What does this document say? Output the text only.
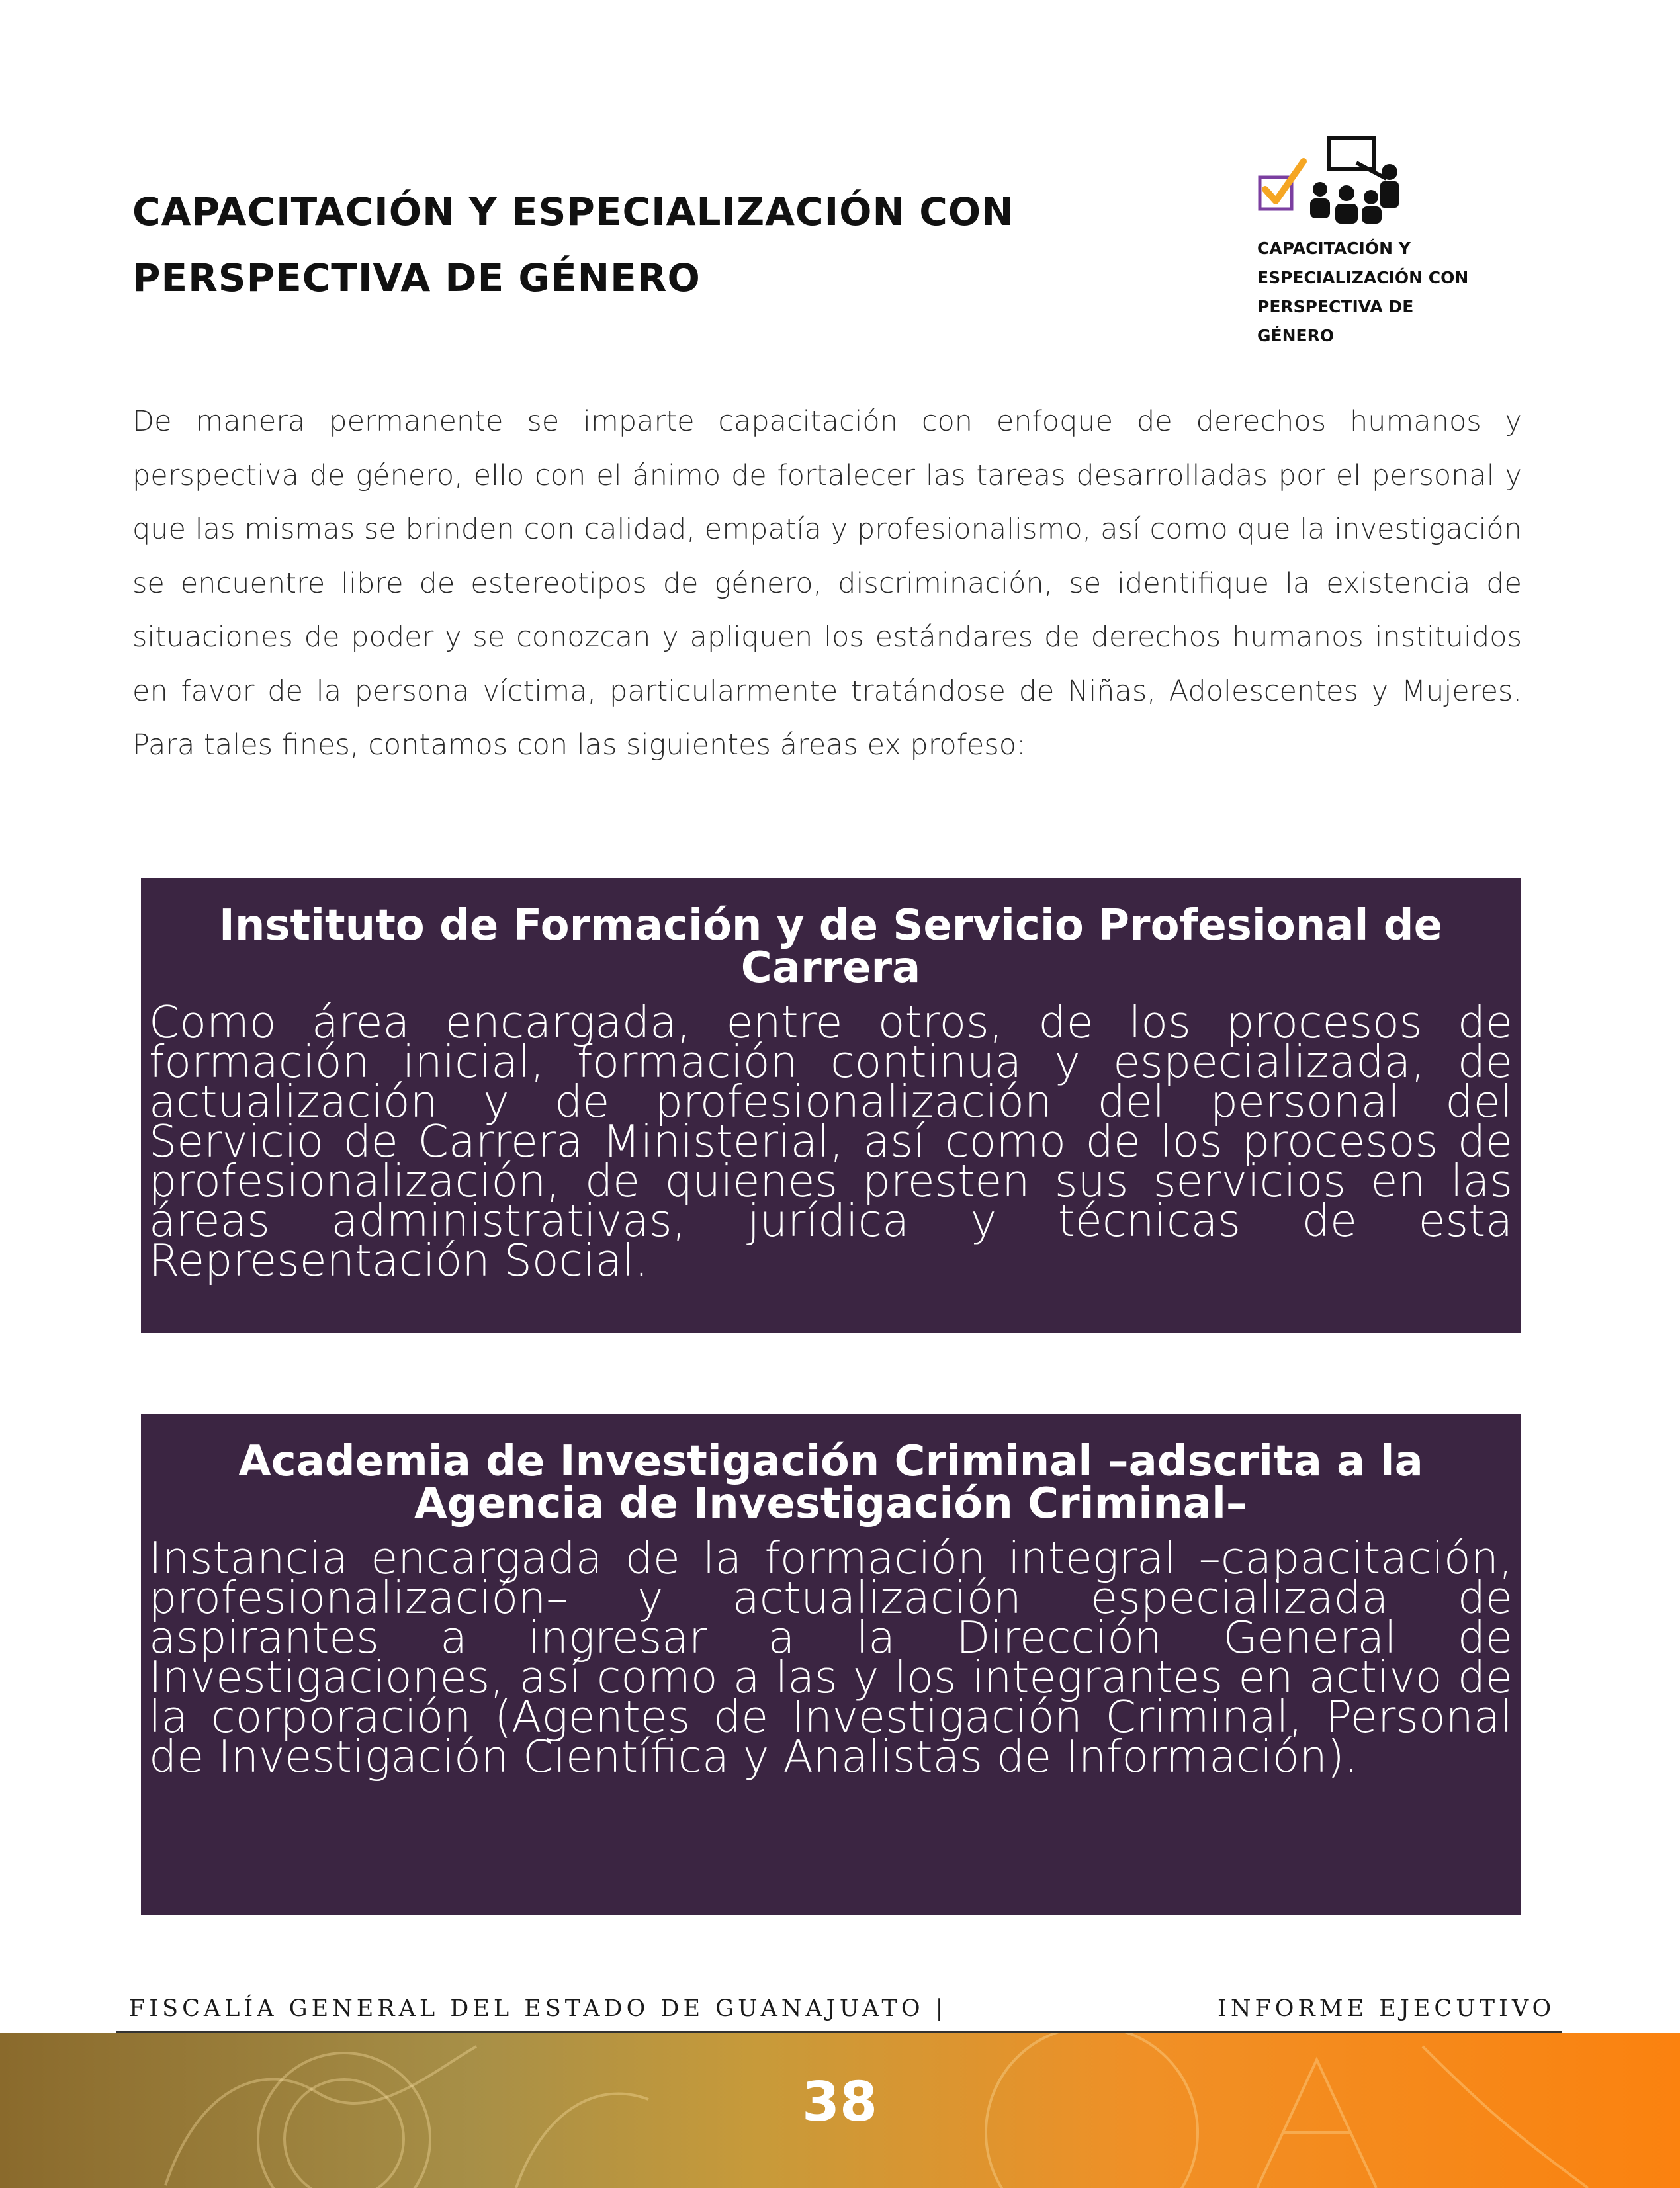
CAPACITACIÓN Y ESPECIALIZACIÓN CON
PERSPECTIVA DE GÉNERO
CAPACITACIÓN Y ESPECIALIZACIÓN CON PERSPECTIVA DE GÉNERO

De manera permanente se imparte capacitación con enfoque de derechos humanos y perspectiva de género, ello con el ánimo de fortalecer las tareas desarrolladas por el personal y que las mismas se brinden con calidad, empatía y profesionalismo, así como que la investigación se encuentre libre de estereotipos de género, discriminación, se identifique la existencia de situaciones de poder y se conozcan y apliquen los estándares de derechos humanos instituidos en favor de la persona víctima, particularmente tratándose de Niñas, Adolescentes y Mujeres. Para tales fines, contamos con las siguientes áreas ex profeso:

Instituto de Formación y de Servicio Profesional de Carrera

Como área encargada, entre otros, de los procesos de formación inicial, formación continua y especializada, de actualización y de profesionalización del personal del Servicio de Carrera Ministerial, así como de los procesos de profesionalización, de quienes presten sus servicios en las áreas administrativas, jurídica y técnicas de esta Representación Social.

Academia de Investigación Criminal –adscrita a la Agencia de Investigación Criminal–

Instancia encargada de la formación integral –capacitación, profesionalización– y actualización especializada de aspirantes a ingresar a la Dirección General de Investigaciones, así como a las y los integrantes en activo de la corporación (Agentes de Investigación Criminal, Personal de Investigación Científica y Analistas de Información).

FISCALÍA GENERAL DEL ESTADO DE GUANAJUATO |	INFORME EJECUTIVO
38
